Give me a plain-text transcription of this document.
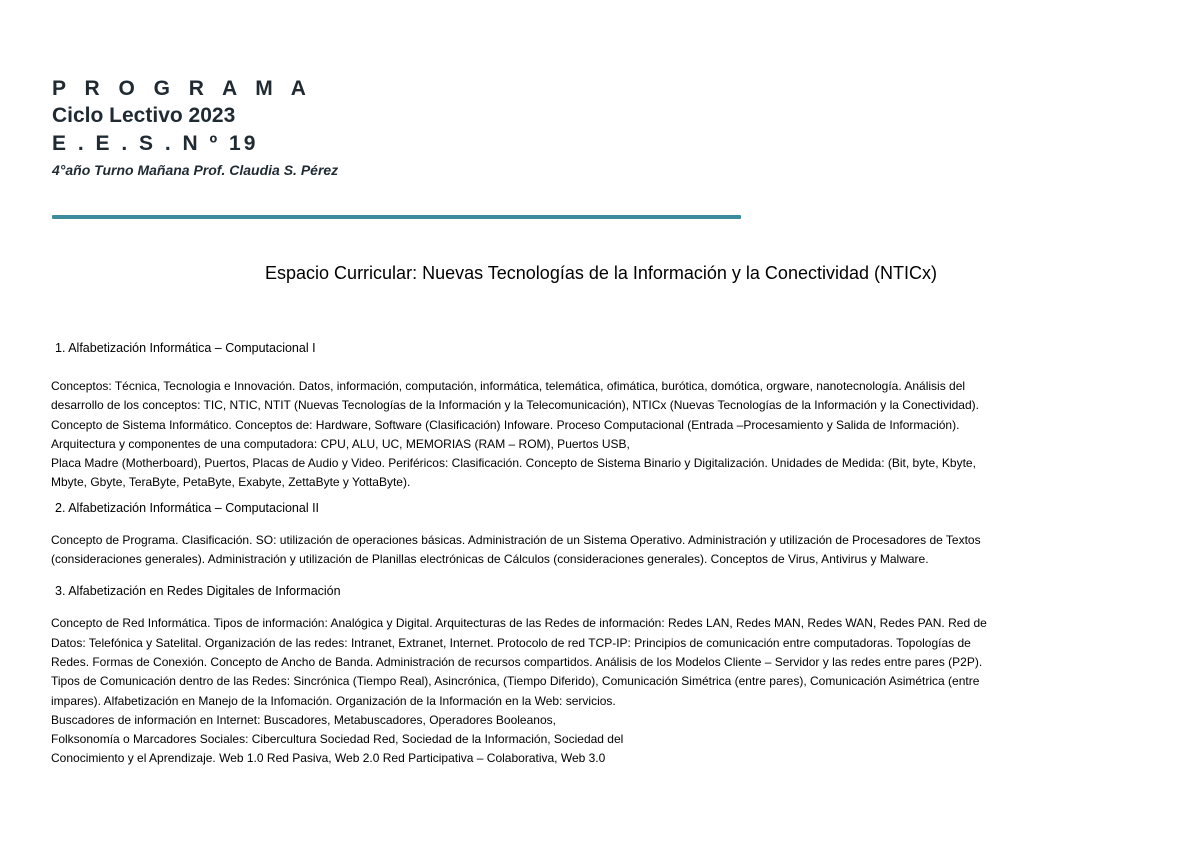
P R O G R A M A

Ciclo Lectivo 2023

E . E . S . N º 19

4°año Turno Mañana Prof. Claudia S. Pérez

Espacio Curricular: Nuevas Tecnologías de la Información y la Conectividad (NTICx)

1. Alfabetización Informática – Computacional I

Conceptos: Técnica, Tecnologia e Innovación. Datos, información, computación, informática, telemática, ofimática, burótica, domótica, orgware, nanotecnología. Análisis del
desarrollo de los conceptos: TIC, NTIC, NTIT (Nuevas Tecnologías de la Información y la Telecomunicación), NTICx (Nuevas Tecnologías de la Información y la Conectividad).
Concepto de Sistema Informático. Conceptos de: Hardware, Software (Clasificación) Infoware. Proceso Computacional (Entrada –Procesamiento y Salida de Información).
Arquitectura y componentes de una computadora: CPU, ALU, UC, MEMORIAS (RAM – ROM), Puertos USB,
Placa Madre (Motherboard), Puertos, Placas de Audio y Video. Periféricos: Clasificación. Concepto de Sistema Binario y Digitalización. Unidades de Medida: (Bit, byte, Kbyte,
Mbyte, Gbyte, TeraByte, PetaByte, Exabyte, ZettaByte y YottaByte).

2. Alfabetización Informática – Computacional II

Concepto de Programa. Clasificación. SO: utilización de operaciones básicas. Administración de un Sistema Operativo. Administración y utilización de Procesadores de Textos
(consideraciones generales). Administración y utilización de Planillas electrónicas de Cálculos (consideraciones generales). Conceptos de Virus, Antivirus y Malware.

3. Alfabetización en Redes Digitales de Información

Concepto de Red Informática. Tipos de información: Analógica y Digital. Arquitecturas de las Redes de información: Redes LAN, Redes MAN, Redes WAN, Redes PAN. Red de
Datos: Telefónica y Satelital. Organización de las redes: Intranet, Extranet, Internet. Protocolo de red TCP-IP: Principios de comunicación entre computadoras. Topologías de
Redes. Formas de Conexión. Concepto de Ancho de Banda. Administración de recursos compartidos. Análisis de los Modelos Cliente – Servidor y las redes entre pares (P2P).
Tipos de Comunicación dentro de las Redes: Sincrónica (Tiempo Real), Asincrónica, (Tiempo Diferido), Comunicación Simétrica (entre pares), Comunicación Asimétrica (entre
impares). Alfabetización en Manejo de la Infomación. Organización de la Información en la Web: servicios.
Buscadores de información en Internet: Buscadores, Metabuscadores, Operadores Booleanos,
Folksonomía o Marcadores Sociales: Cibercultura Sociedad Red, Sociedad de la Información, Sociedad del
Conocimiento y el Aprendizaje. Web 1.0 Red Pasiva, Web 2.0 Red Participativa – Colaborativa, Web 3.0
